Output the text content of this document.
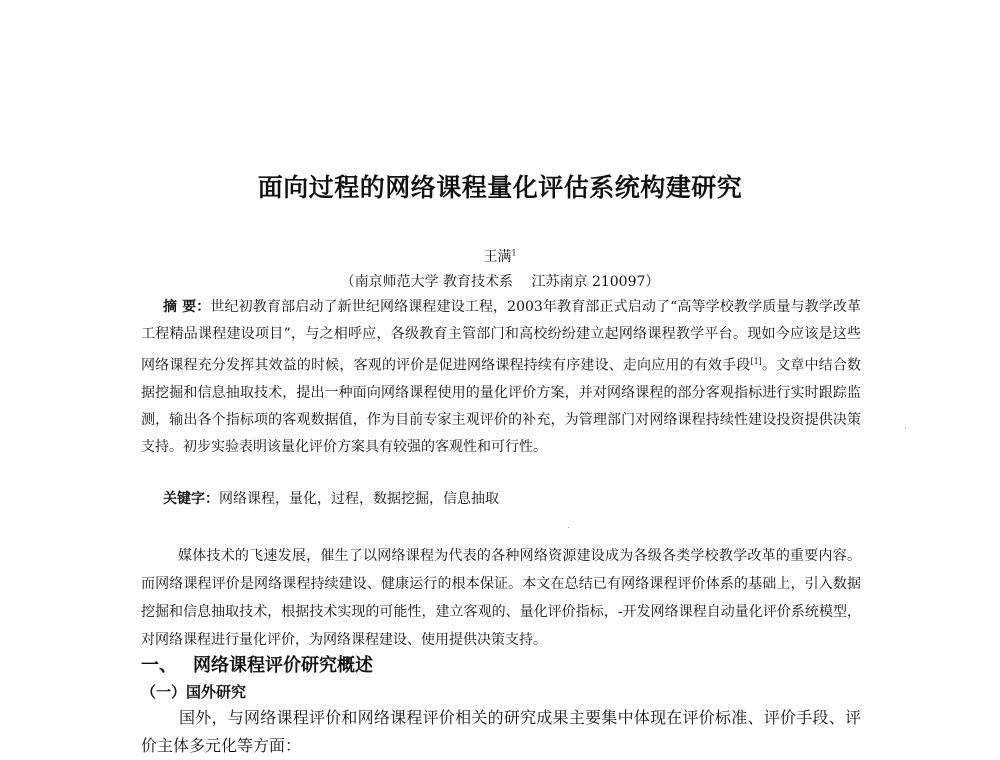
面向过程的网络课程量化评估系统构建研究
王满$^1$
（南京师范大学 教育技术系　 江苏南京 210097）

摘 要：世纪初教育部启动了新世纪网络课程建设工程，2003年教育部正式启动了“高等学校教学质量与教学改革工程精品课程建设项目”，与之相呼应，各级教育主管部门和高校纷纷建立起网络课程教学平台。现如今应该是这些网络课程充分发挥其效益的时候，客观的评价是促进网络课程持续有序建设、走向应用的有效手段[1]。文章中结合数据挖掘和信息抽取技术，提出一种面向网络课程使用的量化评价方案，并对网络课程的部分客观指标进行实时跟踪监测，输出各个指标项的客观数据值，作为目前专家主观评价的补充，为管理部门对网络课程持续性建设投资提供决策支持。初步实验表明该量化评价方案具有较强的客观性和可行性。

关键字：网络课程，量化，过程，数据挖掘，信息抽取

媒体技术的飞速发展，催生了以网络课程为代表的各种网络资源建设成为各级各类学校教学改革的重要内容。而网络课程评价是网络课程持续建设、健康运行的根本保证。本文在总结已有网络课程评价体系的基础上，引入数据挖掘和信息抽取技术，根据技术实现的可能性，建立客观的、量化评价指标，-开发网络课程自动量化评价系统模型，对网络课程进行量化评价，为网络课程建设、使用提供决策支持。

一、 网络课程评价研究概述
（一）国外研究

国外，与网络课程评价和网络课程评价相关的研究成果主要集中体现在评价标准、评价手段、评价主体多元化等方面：
